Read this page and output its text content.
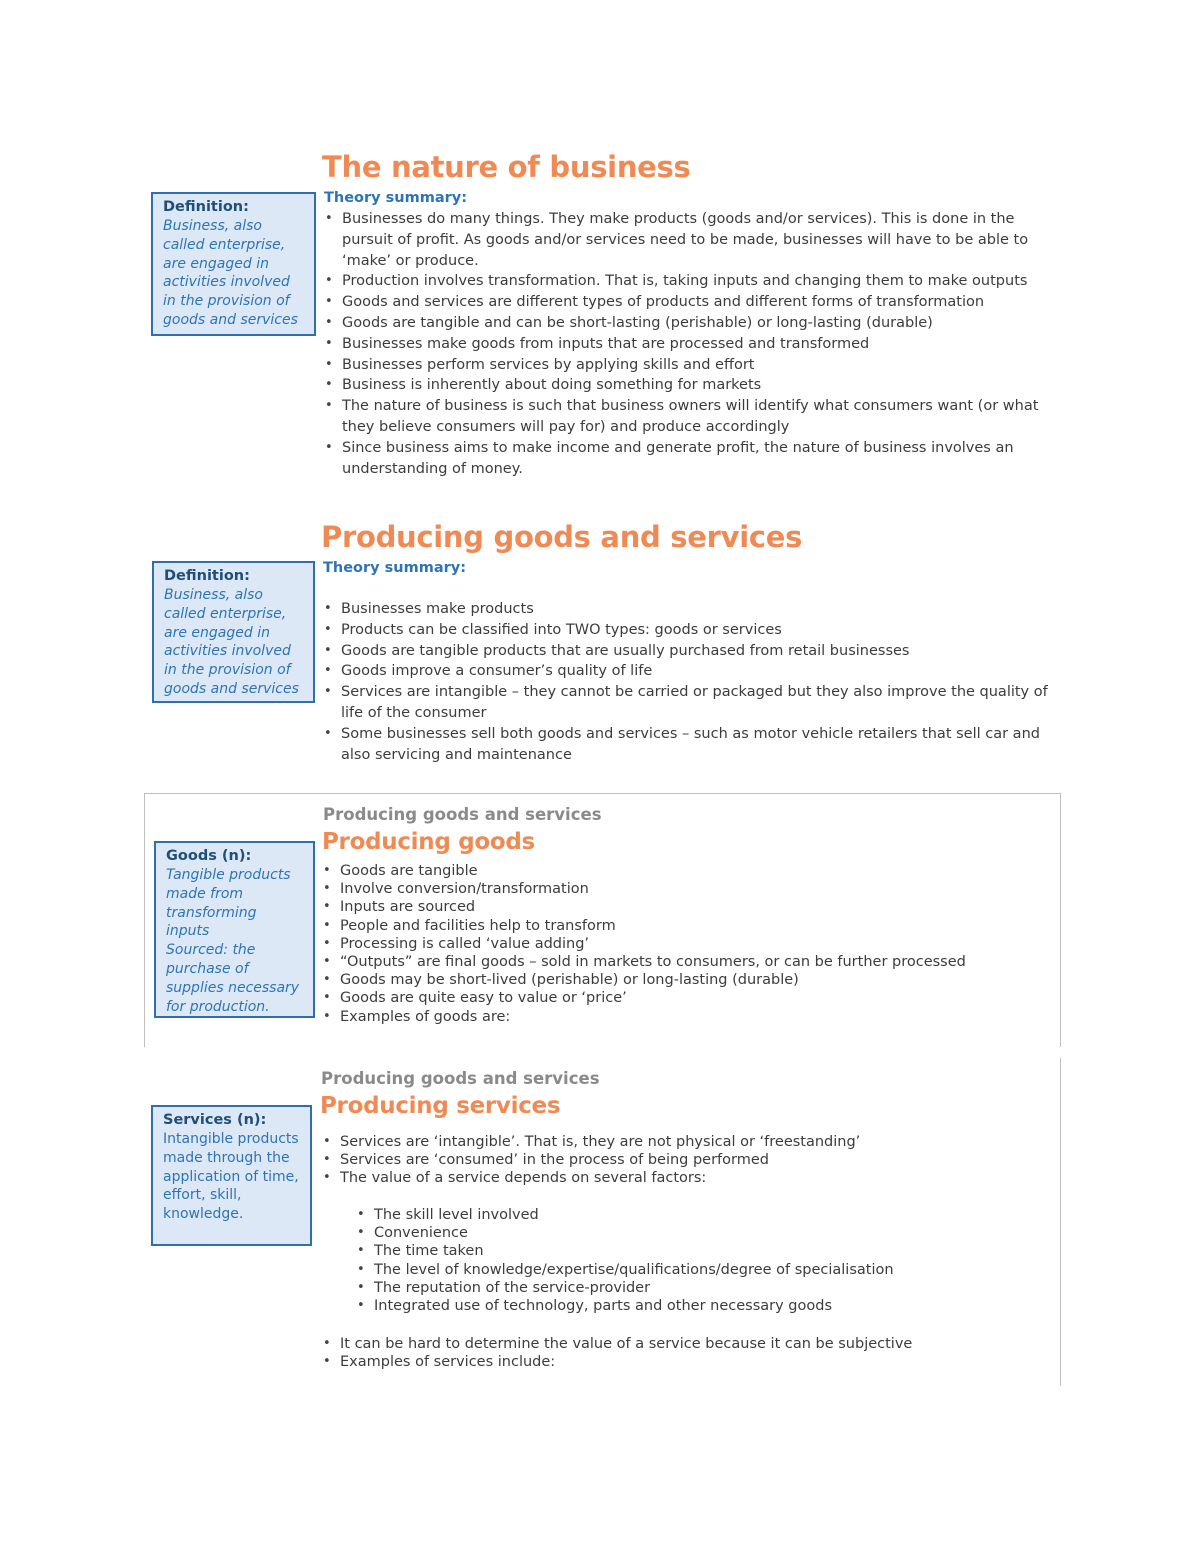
The nature of business
Theory summary:
Definition:
Business, also called enterprise, are engaged in activities involved in the provision of goods and services
• Businesses do many things. They make products (goods and/or services). This is done in the pursuit of profit. As goods and/or services need to be made, businesses will have to be able to ‘make’ or produce.
• Production involves transformation. That is, taking inputs and changing them to make outputs
• Goods and services are different types of products and different forms of transformation
• Goods are tangible and can be short-lasting (perishable) or long-lasting (durable)
• Businesses make goods from inputs that are processed and transformed
• Businesses perform services by applying skills and effort
• Business is inherently about doing something for markets
• The nature of business is such that business owners will identify what consumers want (or what they believe consumers will pay for) and produce accordingly
• Since business aims to make income and generate profit, the nature of business involves an understanding of money.
Producing goods and services
Theory summary:
Definition:
Business, also called enterprise, are engaged in activities involved in the provision of goods and services
• Businesses make products
• Products can be classified into TWO types: goods or services
• Goods are tangible products that are usually purchased from retail businesses
• Goods improve a consumer’s quality of life
• Services are intangible – they cannot be carried or packaged but they also improve the quality of life of the consumer
• Some businesses sell both goods and services – such as motor vehicle retailers that sell car and also servicing and maintenance
Producing goods and services
Producing goods
Goods (n):
Tangible products made from transforming inputs
Sourced: the purchase of supplies necessary for production.
• Goods are tangible
• Involve conversion/transformation
• Inputs are sourced
• People and facilities help to transform
• Processing is called ‘value adding’
• “Outputs” are final goods – sold in markets to consumers, or can be further processed
• Goods may be short-lived (perishable) or long-lasting (durable)
• Goods are quite easy to value or ‘price’
• Examples of goods are:
Producing goods and services
Producing services
Services (n):
Intangible products made through the application of time, effort, skill, knowledge.
• Services are ‘intangible’. That is, they are not physical or ‘freestanding’
• Services are ‘consumed’ in the process of being performed
• The value of a service depends on several factors:
• The skill level involved
• Convenience
• The time taken
• The level of knowledge/expertise/qualifications/degree of specialisation
• The reputation of the service-provider
• Integrated use of technology, parts and other necessary goods
• It can be hard to determine the value of a service because it can be subjective
• Examples of services include:
